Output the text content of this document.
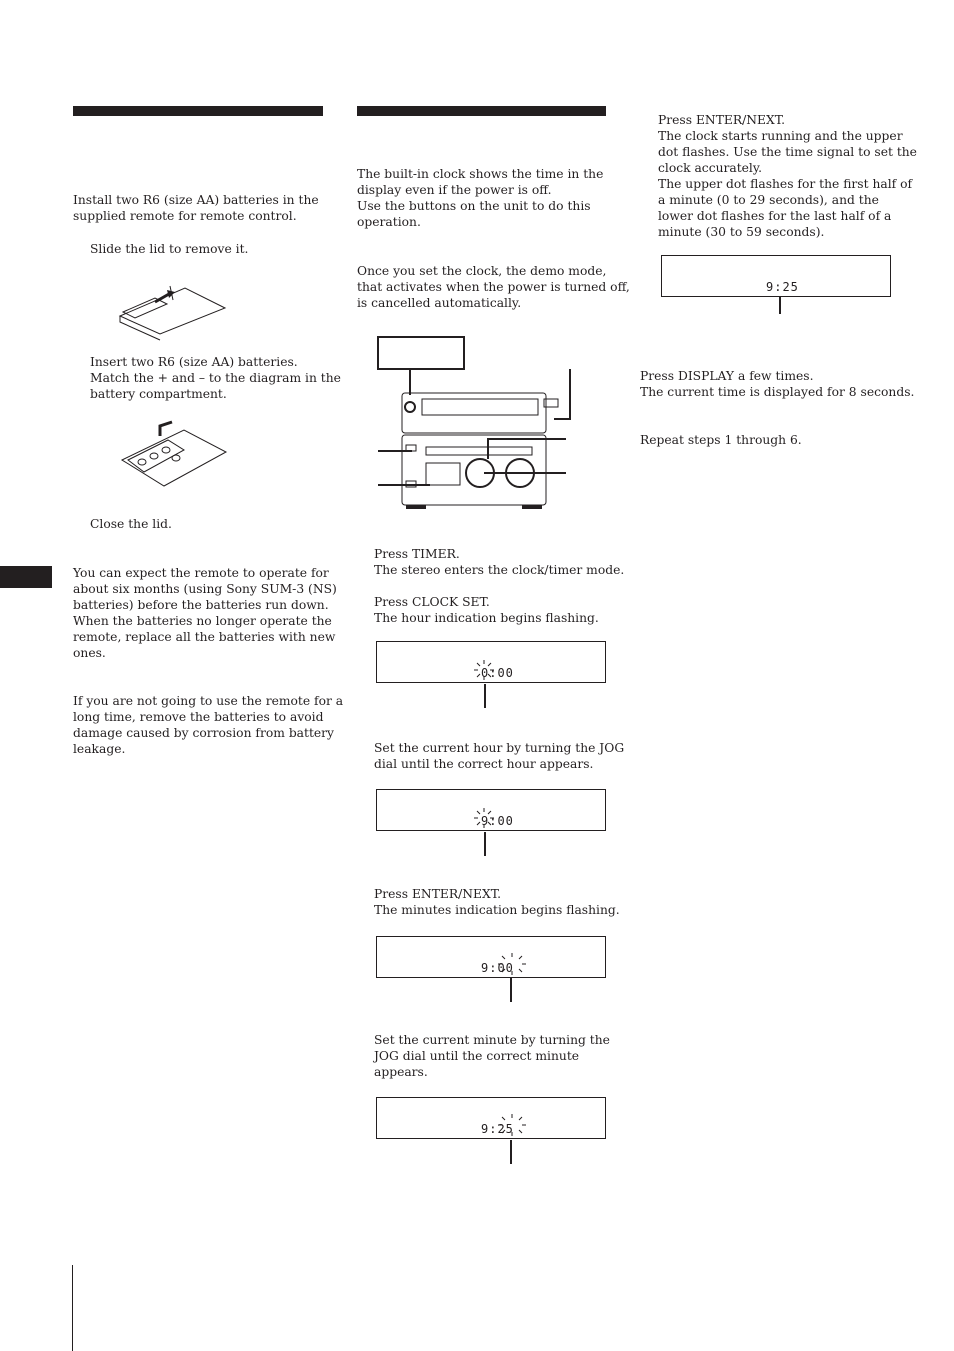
Install two R6 (size AA) batteries in the
supplied remote for remote control.
Slide the lid to remove it.
Insert two R6 (size AA) batteries.
Match the + and – to the diagram in the
battery compartment.
Close the lid.
You can expect the remote to operate for
about six months (using Sony SUM-3 (NS)
batteries) before the batteries run down.
When the batteries no longer operate the
remote, replace all the batteries with new
ones.
If you are not going to use the remote for a
long time, remove the batteries to avoid
damage caused by corrosion from battery
leakage.
The built-in clock shows the time in the
display even if the power is off.
Use the buttons on the unit to do this
operation.
Once you set the clock, the demo mode,
that activates when the power is turned off,
is cancelled automatically.
Press TIMER.
The stereo enters the clock/timer mode.
Press CLOCK SET.
The hour indication begins flashing.
0:00
Set the current hour by turning the JOG
dial until the correct hour appears.
9:00
Press ENTER/NEXT.
The minutes indication begins flashing.
9:00
Set the current minute by turning the
JOG dial until the correct minute
appears.
9:25
Press ENTER/NEXT.
The clock starts running and the upper
dot flashes. Use the time signal to set the
clock accurately.
The upper dot flashes for the first half of
a minute (0 to 29 seconds), and the
lower dot flashes for the last half of a
minute (30 to 59 seconds).
9:25
Press DISPLAY a few times.
The current time is displayed for 8 seconds.
Repeat steps 1 through 6.
